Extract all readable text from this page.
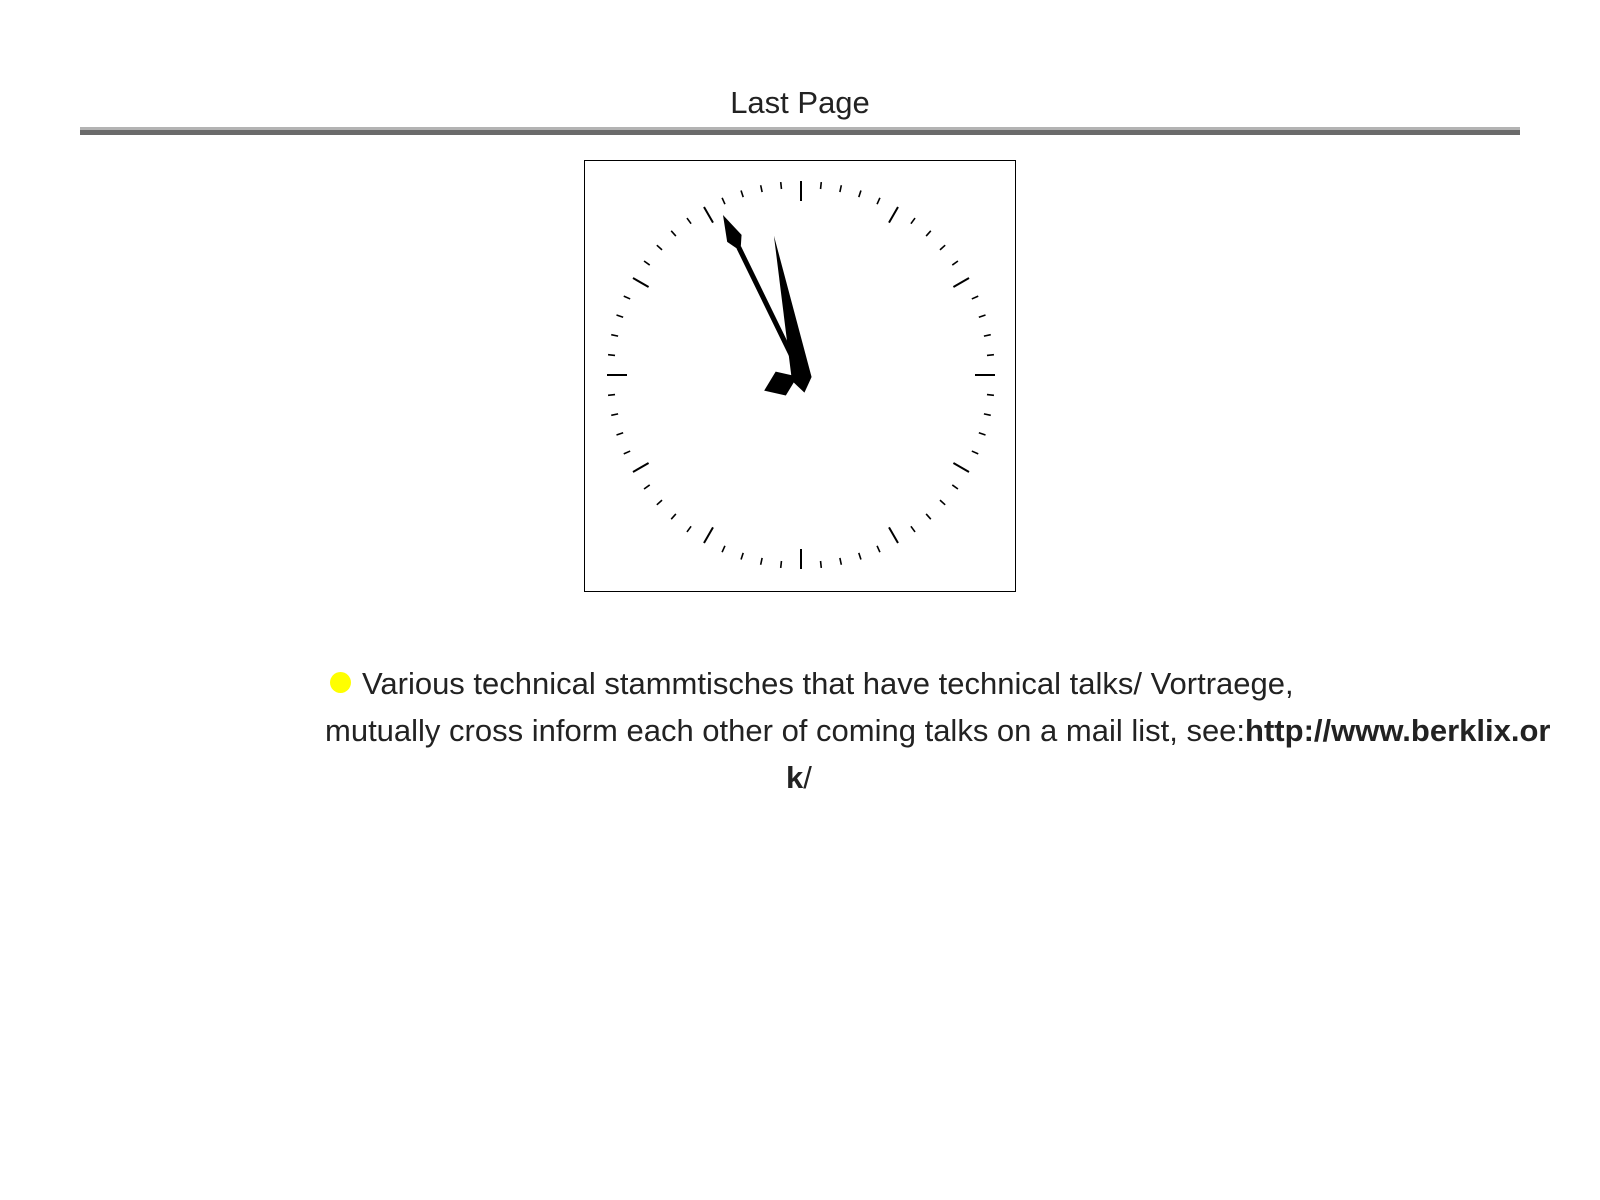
Last Page
Various technical stammtisches that have technical talks/ Vortraege,
mutually cross inform each other of coming talks on a mail list, see:http://www.berklix.or
k/
